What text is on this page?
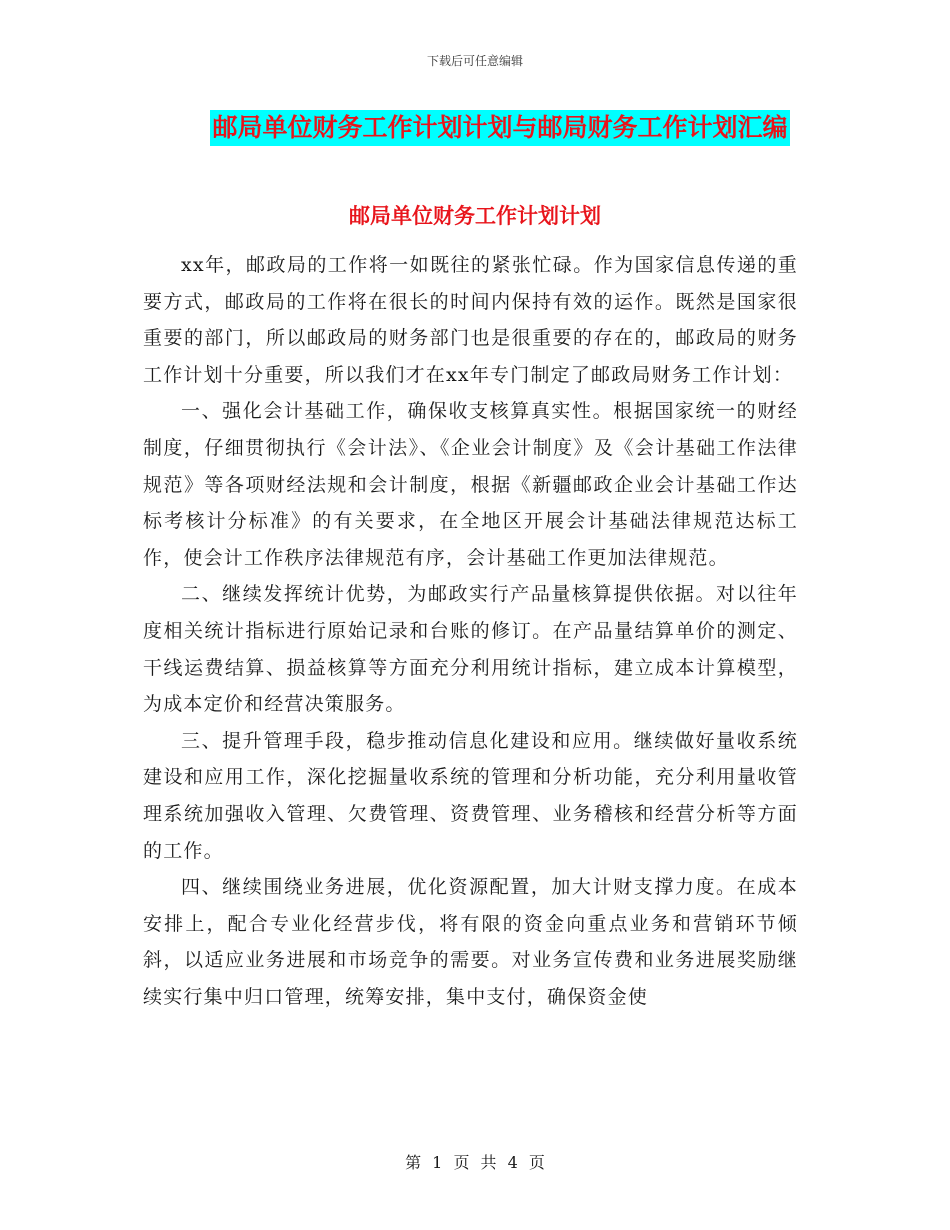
下载后可任意编辑
邮局单位财务工作计划计划与邮局财务工作计划汇编
邮局单位财务工作计划计划

xx年，邮政局的工作将一如既往的紧张忙碌。作为国家信息传递的重要方式，邮政局的工作将在很长的时间内保持有效的运作。既然是国家很重要的部门，所以邮政局的财务部门也是很重要的存在的，邮政局的财务工作计划十分重要，所以我们才在xx年专门制定了邮政局财务工作计划：

一、强化会计基础工作，确保收支核算真实性。根据国家统一的财经制度，仔细贯彻执行《会计法》、《企业会计制度》及《会计基础工作法律规范》等各项财经法规和会计制度，根据《新疆邮政企业会计基础工作达标考核计分标准》的有关要求，在全地区开展会计基础法律规范达标工作，使会计工作秩序法律规范有序，会计基础工作更加法律规范。

二、继续发挥统计优势，为邮政实行产品量核算提供依据。对以往年度相关统计指标进行原始记录和台账的修订。在产品量结算单价的测定、干线运费结算、损益核算等方面充分利用统计指标，建立成本计算模型，为成本定价和经营决策服务。

三、提升管理手段，稳步推动信息化建设和应用。继续做好量收系统建设和应用工作，深化挖掘量收系统的管理和分析功能，充分利用量收管理系统加强收入管理、欠费管理、资费管理、业务稽核和经营分析等方面的工作。

四、继续围绕业务进展，优化资源配置，加大计财支撑力度。在成本安排上，配合专业化经营步伐，将有限的资金向重点业务和营销环节倾斜，以适应业务进展和市场竞争的需要。对业务宣传费和业务进展奖励继续实行集中归口管理，统筹安排，集中支付，确保资金使

第 1 页 共 4 页
